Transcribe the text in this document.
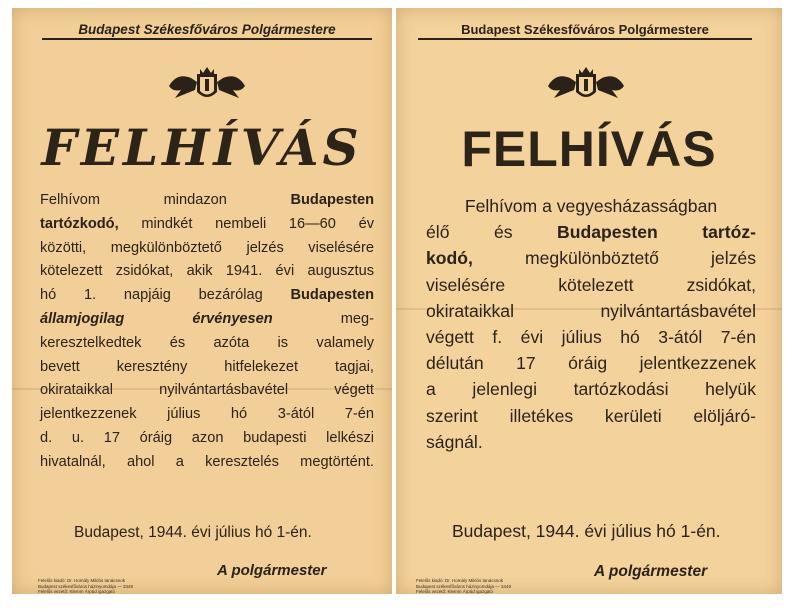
Budapest Székesfőváros Polgármestere
FELHÍVÁS
Felhívom mindazon Budapesten
tartózkodó, mindkét nembeli 16—60 év
közötti, megkülönböztető jelzés viselésére
kötelezett zsidókat, akik 1941. évi augusztus
hó 1. napjáig bezárólag Budapesten
államjogilag érvényesen meg-
keresztelkedtek és azóta is valamely
bevett keresztény hitfelekezet tagjai,
okirataikkal nyilvántartásbavétel végett
jelentkezzenek július hó 3-ától 7-én
d. u. 17 óráig azon budapesti lelkészi
hivatalnál, ahol a keresztelés megtörtént.
Budapest, 1944. évi július hó 1-én.
A polgármester
Felelős kiadó: Dr. Homály Miklós tanácsnok
Budapest székesfőváros házinyomdája — 3449
Felelős vezető: Klemm Árpád igazgató
Budapest Székesfőváros Polgármestere
FELHÍVÁS
Felhívom a vegyesházasságban
élő és Budapesten tartóz-
kodó, megkülönböztető jelzés
viselésére kötelezett zsidókat,
okirataikkal nyilvántartásbavétel
végett f. évi július hó 3-ától 7-én
délután 17 óráig jelentkezzenek
a jelenlegi tartózkodási helyük
szerint illetékes kerületi elöljáró-
ságnál.
Budapest, 1944. évi július hó 1-én.
A polgármester
Felelős kiadó: Dr. Homály Miklós tanácsnok
Budapest székesfőváros házinyomdája — 3449
Felelős vezető: Klemm Árpád igazgató
